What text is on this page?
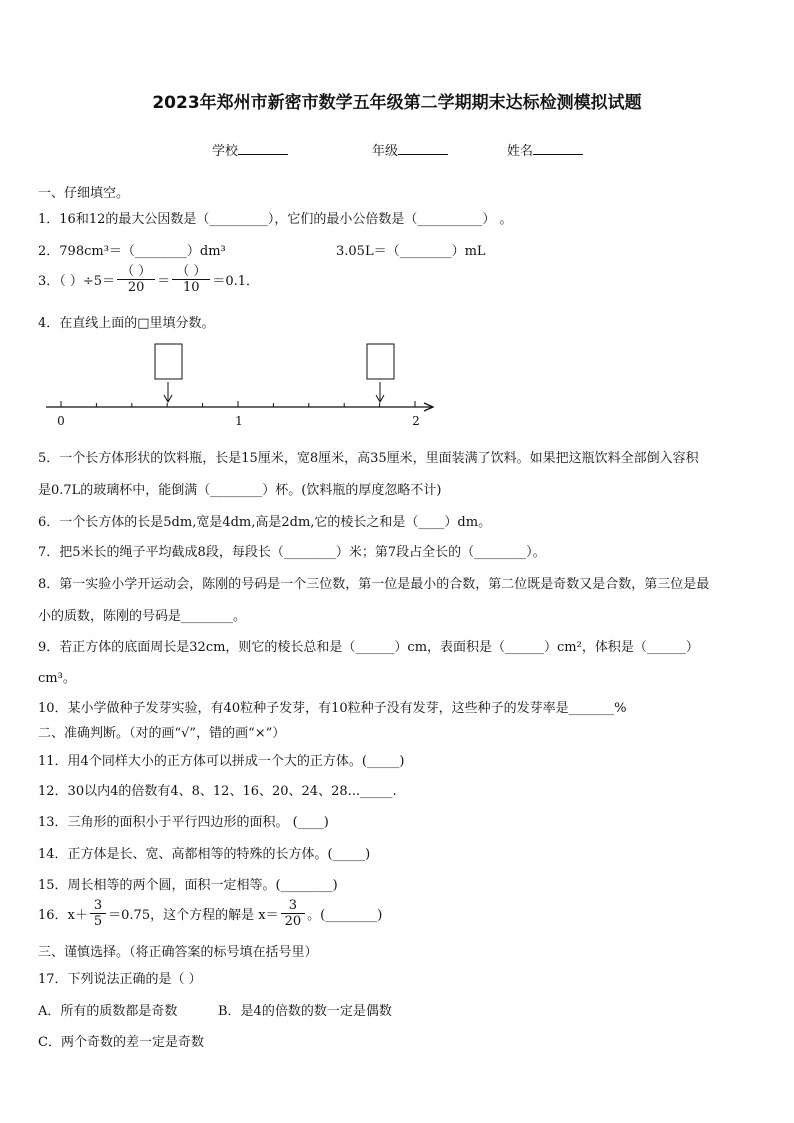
2023年郑州市新密市数学五年级第二学期期末达标检测模拟试题
学校	年级	姓名
一、仔细填空。
1．16和12的最大公因数是（_________），它们的最小公倍数是（__________） 。
2．798cm³＝（________）dm³	3.05L＝（________）mL
3．（ ）$\div 5= \frac{( )}{20} = \frac{( )}{10} =0.1$．
4．在直线上面的□里填分数。
0	1	2
5．一个长方体形状的饮料瓶，长是15厘米，宽8厘米，高35厘米，里面装满了饮料。如果把这瓶饮料全部倒入容积
是0.7L的玻璃杯中，能倒满（________）杯。(饮料瓶的厚度忽略不计)
6．一个长方体的长是5dm,宽是4dm,高是2dm,它的棱长之和是（____）dm。
7．把5米长的绳子平均截成8段，每段长（________）米；第7段占全长的（________）。
8．第一实验小学开运动会，陈刚的号码是一个三位数，第一位是最小的合数，第二位既是奇数又是合数，第三位是最
小的质数，陈刚的号码是________。
9．若正方体的底面周长是32cm，则它的棱长总和是（______）cm，表面积是（______）cm²，体积是（______）
cm³。
10．某小学做种子发芽实验，有40粒种子发芽，有10粒种子没有发芽，这些种子的发芽率是_______%
二、准确判断。（对的画“√”，错的画“×”）
11．用4个同样大小的正方体可以拼成一个大的正方体。(_____)
12．30以内4的倍数有4、8、12、16、20、24、28..._____.
13．三角形的面积小于平行四边形的面积。 (____)
14．正方体是长、宽、高都相等的特殊的长方体。(_____)
15．周长相等的两个圆，面积一定相等。(________)
16．$x+ \frac{3}{5} =0.75$，这个方程的解是 $x= \frac{3}{20}$ 。(________)
三、谨慎选择。（将正确答案的标号填在括号里）
17．下列说法正确的是（ ）
A．所有的质数都是奇数	B．是4的倍数的数一定是偶数
C．两个奇数的差一定是奇数
